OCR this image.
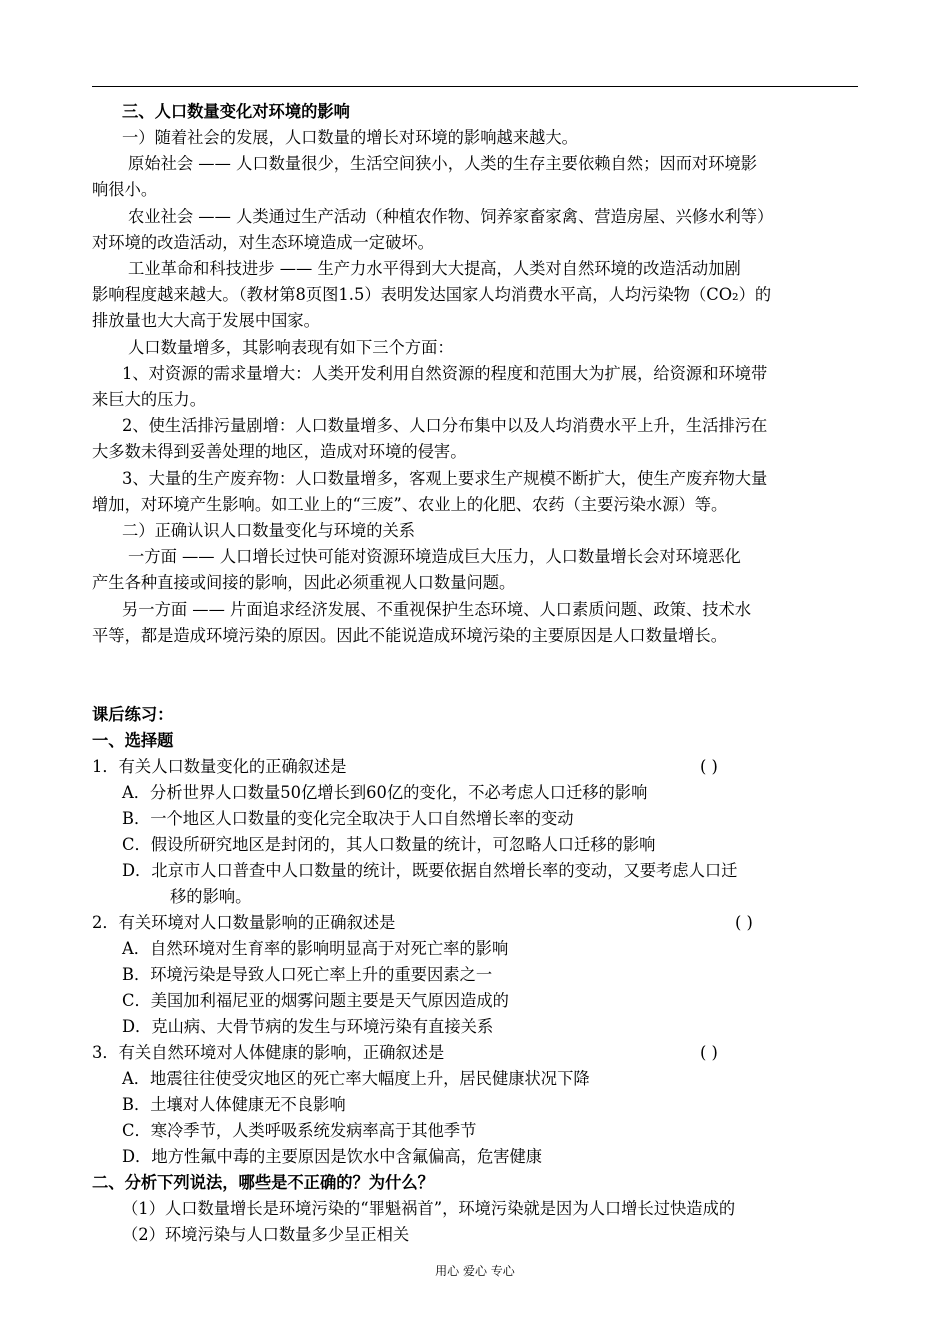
三、人口数量变化对环境的影响
一）随着社会的发展，人口数量的增长对环境的影响越来越大。
原始社会 —— 人口数量很少，生活空间狭小，人类的生存主要依赖自然；因而对环境影
响很小。
农业社会 —— 人类通过生产活动（种植农作物、饲养家畜家禽、营造房屋、兴修水利等）
对环境的改造活动，对生态环境造成一定破坏。
工业革命和科技进步 —— 生产力水平得到大大提高，人类对自然环境的改造活动加剧
影响程度越来越大。（教材第8页图1.5）表明发达国家人均消费水平高，人均污染物（CO₂）的
排放量也大大高于发展中国家。
人口数量增多，其影响表现有如下三个方面：
1、对资源的需求量增大：人类开发利用自然资源的程度和范围大为扩展，给资源和环境带
来巨大的压力。
2、使生活排污量剧增：人口数量增多、人口分布集中以及人均消费水平上升，生活排污在
大多数未得到妥善处理的地区，造成对环境的侵害。
3、大量的生产废弃物：人口数量增多，客观上要求生产规模不断扩大，使生产废弃物大量
增加，对环境产生影响。如工业上的“三废”、农业上的化肥、农药（主要污染水源）等。
二）正确认识人口数量变化与环境的关系
一方面 —— 人口增长过快可能对资源环境造成巨大压力，人口数量增长会对环境恶化
产生各种直接或间接的影响，因此必须重视人口数量问题。
另一方面 —— 片面追求经济发展、不重视保护生态环境、人口素质问题、政策、技术水
平等，都是造成环境污染的原因。因此不能说造成环境污染的主要原因是人口数量增长。
课后练习：
一、选择题
1．有关人口数量变化的正确叙述是	( )
A．分析世界人口数量50亿增长到60亿的变化，不必考虑人口迁移的影响
B．一个地区人口数量的变化完全取决于人口自然增长率的变动
C．假设所研究地区是封闭的，其人口数量的统计，可忽略人口迁移的影响
D．北京市人口普查中人口数量的统计，既要依据自然增长率的变动，又要考虑人口迁
移的影响。
2．有关环境对人口数量影响的正确叙述是	( )
A．自然环境对生育率的影响明显高于对死亡率的影响
B．环境污染是导致人口死亡率上升的重要因素之一
C．美国加利福尼亚的烟雾问题主要是天气原因造成的
D．克山病、大骨节病的发生与环境污染有直接关系
3．有关自然环境对人体健康的影响，正确叙述是	( )
A．地震往往使受灾地区的死亡率大幅度上升，居民健康状况下降
B．土壤对人体健康无不良影响
C．寒冷季节，人类呼吸系统发病率高于其他季节
D．地方性氟中毒的主要原因是饮水中含氟偏高，危害健康
二、分析下列说法，哪些是不正确的？为什么？
（1）人口数量增长是环境污染的“罪魁祸首”，环境污染就是因为人口增长过快造成的
（2）环境污染与人口数量多少呈正相关
用心 爱心 专心
